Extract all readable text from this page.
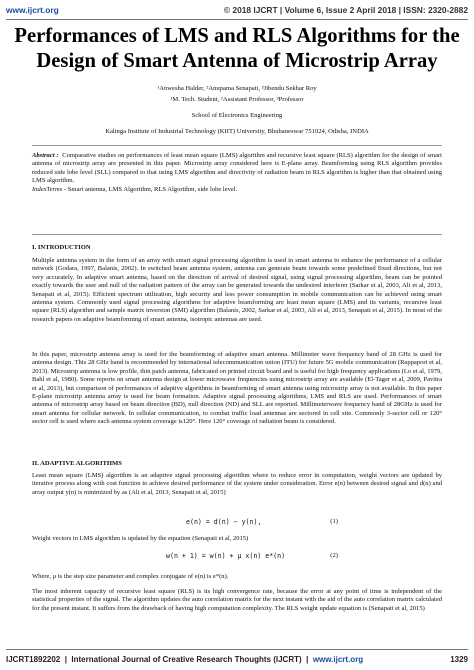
www.ijcrt.org	© 2018 IJCRT | Volume 6, Issue 2 April 2018 | ISSN: 2320-2882
Performances of LMS and RLS Algorithms for the Design of Smart Antenna of Microstrip Array
¹Anwesha Halder, ²Anupama Senapati, ³Jibendu Sekhar Roy
¹M. Tech. Student, ²Assistant Professor, ³Professor
School of Electronics Engineering
Kalinga Institute of Industrial Technology (KIIT) University, Bhubaneswar 751024, Odisha, INDIA

Abstract : Comparative studies on performances of least mean square (LMS) algorithm and recursive least square (RLS) algorithm for the design of smart antenna of microstrip array are presented in this paper. Microstrip array considered here is E-plane array. Beamforming using RLS algorithm provides reduced side lobe level (SLL) compared to that using LMS algorithm and directivity of radiation beam in RLS algorithm is higher than that obtained using LMS algorithm.

IndexTerms - Smart antenna, LMS Algorithm, RLS Algorithm, side lobe level.

I. INTRODUCTION

Multiple antenna system in the form of an array with smart signal processing algorithm is used in smart antenna to enhance the performance of a cellular network (Godara, 1997, Balanis, 2002). In switched beam antenna system, antenna can generate beam towards some predefined fixed directions, but not very accurately. In adaptive smart antenna, based on the direction of arrival of desired signal, using signal processing algorithm, beam can be pointed exactly towards the user and null of the radiation pattern of the array can be generated towards the undesired interferer (Sarkar et al, 2003, Ali et al, 2013, Senapati et al, 2015). Efficient spectrum utilization, high security and less power consumption in mobile communication can be achieved using smart antenna system. Commonly used signal processing algorithms for adaptive beamforming are least mean square (LMS) and its variants, recursive least square (RLS) algorithm and sample matrix inversion (SMI) algorithm (Balanis, 2002, Sarkar et al, 2003, Ali et al, 2013, Senapati et al, 2015). In most of the research papers on adaptive beamforming of smart antenna, isotropic antennas are used.

In this paper, microstrip antenna array is used for the beamforming of adaptive smart antenna. Millimeter wave frequency band of 28 GHz is used for antenna design. This 28 GHz band is recommended by international telecommunication union (ITU) for future 5G mobile communication (Rappaport et al, 2013). Microstrip antenna is low profile, thin patch antenna, fabricated on printed circuit board and is useful for high frequency applications (Lo et al, 1979, Bahl et al, 1980). Some reports on smart antenna design at lower microwave frequencies using microstrip array are available (El-Tager et al, 2009, Pavitra et al, 2013), but comparison of performances of adaptive algorithms in beamforming of smart antenna using microstrip array is not available. In this paper E-plane microstrip antenna array is used for beam formation. Adaptive signal processing algorithms, LMS and RLS are used. Performances of smart antenna of microstrip array based on beam direction (BD), null direction (ND) and SLL are reported. Millimeterwave frequency band of 28GHz is used for smart antenna for cellular network. In cellular communication, to combat traffic load antennas are sectored in cell site. Commonly 3-sector cell or 120° sector cell is used where each antenna system coverage is120°. Here 120° coverage of radiation beam is considered.

II. ADAPTIVE ALGORITHMS

Least mean square (LMS) algorithm is an adaptive signal processing algorithm where to reduce error in computation, weight vectors are updated by iterative process along with cost function to achieve desired performance of the system under consideration. Error e(n) between desired signal and d(n) and array output y(n) is minimized by as (Ali et al, 2013, Senapati et al, 2015)

e(n) = d(n) − y(n),	(1)

Weight vectors in LMS algorithm is updated by the equation (Senapati et al, 2015)

w(n + 1) = w(n) + μ x(n) e*(n)	(2)

Where, μ is the step size parameter and complex conjugate of e(n) is e*(n).

The most inherent capacity of recursive least square (RLS) is its high convergence rate, because the error at any point of time is independent of the statistical properties of the signal. The algorithm updates the auto correlation matrix for the next instant with the aid of the auto correlation matrix calculated for the present instant. It suffers from the drawback of having high computation complexity. The RLS weight update equation is (Senapati et al, 2015)

IJCRT1892202  |  International Journal of Creative Research Thoughts (IJCRT)  |  www.ijcrt.org	1329
